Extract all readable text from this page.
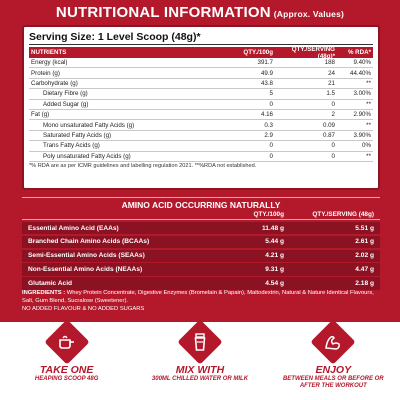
NUTRITIONAL INFORMATION (Approx. Values)
Serving Size: 1 Level Scoop (48g)*
NUTRIENTS	QTY./100g	QTY./SERVING (48g)*	% RDA*
Energy (kcal)	391.7	188	9.40%
Protein (g)	49.9	24	44.40%
Carbohydrate (g)	43.8	21	**
Dietary Fibre (g)	5	1.5	3.00%
Added Sugar (g)	0	0	**
Fat (g)	4.16	2	2.90%
Mono unsaturated Fatty Acids (g)	0.3	0.09	**
Saturated Fatty Acids (g)	2.9	0.87	3.90%
Trans Fatty Acids (g)	0	0	0%
Poly unsaturated Fatty Acids (g)	0	0	**
*% RDA are as per ICMR guidelines and labelling regulation 2021. **%RDA not established.
AMINO ACID OCCURRING NATURALLY
QTY./100g	QTY./SERVING (48g)
Essential Amino Acid (EAAs)	11.48 g	5.51 g
Branched Chain Amino Acids (BCAAs)	5.44 g	2.61 g
Semi-Essential Amino Acids (SEAAs)	4.21 g	2.02 g
Non-Essential Amino Acids (NEAAs)	9.31 g	4.47 g
Glutamic Acid	4.54 g	2.18 g
INGREDIENTS : Whey Protein Concentrate, Digestive Enzymes (Bromelain & Papain), Maltodextrin, Natural & Nature Identical Flavours, Salt, Gum Blend, Sucralose (Sweetener).
NO ADDED FLAVOUR & NO ADDED SUGARS
TAKE ONE
HEAPING SCOOP 48G
MIX WITH
300ML CHILLED WATER OR MILK
ENJOY
BETWEEN MEALS OR BEFORE OR AFTER THE WORKOUT
